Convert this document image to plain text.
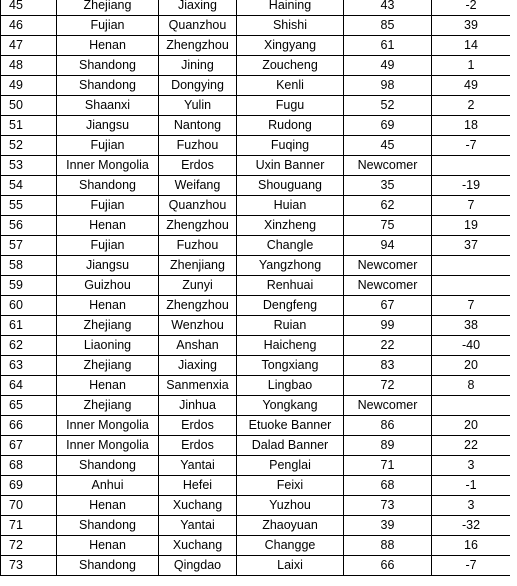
45	Zhejiang	Jiaxing	Haining	43	-2
46	Fujian	Quanzhou	Shishi	85	39
47	Henan	Zhengzhou	Xingyang	61	14
48	Shandong	Jining	Zoucheng	49	1
49	Shandong	Dongying	Kenli	98	49
50	Shaanxi	Yulin	Fugu	52	2
51	Jiangsu	Nantong	Rudong	69	18
52	Fujian	Fuzhou	Fuqing	45	-7
53	Inner Mongolia	Erdos	Uxin Banner	Newcomer	
54	Shandong	Weifang	Shouguang	35	-19
55	Fujian	Quanzhou	Huian	62	7
56	Henan	Zhengzhou	Xinzheng	75	19
57	Fujian	Fuzhou	Changle	94	37
58	Jiangsu	Zhenjiang	Yangzhong	Newcomer	
59	Guizhou	Zunyi	Renhuai	Newcomer	
60	Henan	Zhengzhou	Dengfeng	67	7
61	Zhejiang	Wenzhou	Ruian	99	38
62	Liaoning	Anshan	Haicheng	22	-40
63	Zhejiang	Jiaxing	Tongxiang	83	20
64	Henan	Sanmenxia	Lingbao	72	8
65	Zhejiang	Jinhua	Yongkang	Newcomer	
66	Inner Mongolia	Erdos	Etuoke Banner	86	20
67	Inner Mongolia	Erdos	Dalad Banner	89	22
68	Shandong	Yantai	Penglai	71	3
69	Anhui	Hefei	Feixi	68	-1
70	Henan	Xuchang	Yuzhou	73	3
71	Shandong	Yantai	Zhaoyuan	39	-32
72	Henan	Xuchang	Changge	88	16
73	Shandong	Qingdao	Laixi	66	-7
